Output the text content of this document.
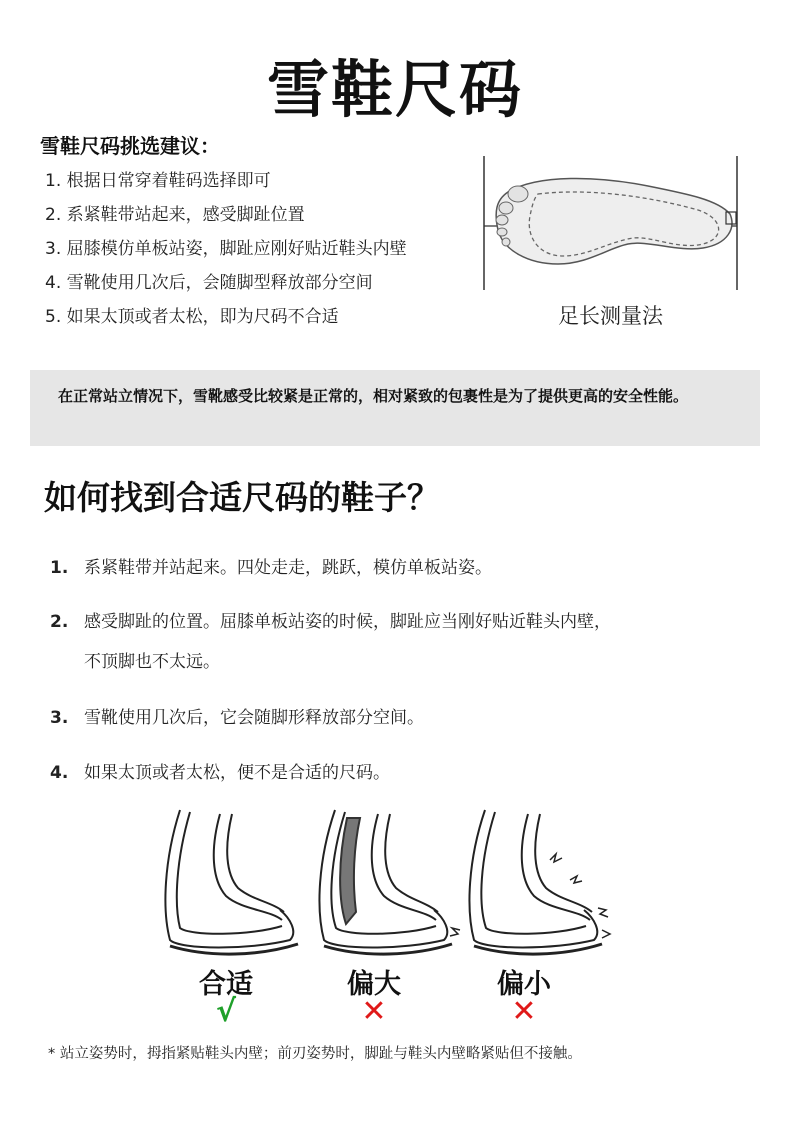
雪鞋尺码
雪鞋尺码挑选建议：
1. 根据日常穿着鞋码选择即可
2. 系紧鞋带站起来，感受脚趾位置
3. 屈膝模仿单板站姿，脚趾应刚好贴近鞋头内壁
4. 雪靴使用几次后，会随脚型释放部分空间
5. 如果太顶或者太松，即为尺码不合适	足长测量法
在正常站立情况下，雪靴感受比较紧是正常的，相对紧致的包裹性是为了提供更高的安全性能。
如何找到合适尺码的鞋子？
1. 系紧鞋带并站起来。四处走走，跳跃，模仿单板站姿。
2. 感受脚趾的位置。屈膝单板站姿的时候，脚趾应当刚好贴近鞋头内壁，
不顶脚也不太远。
3. 雪靴使用几次后，它会随脚形释放部分空间。
4. 如果太顶或者太松，便不是合适的尺码。
合适	偏大	偏小
√	✕	✕
* 站立姿势时，拇指紧贴鞋头内壁；前刃姿势时，脚趾与鞋头内壁略紧贴但不接触。
